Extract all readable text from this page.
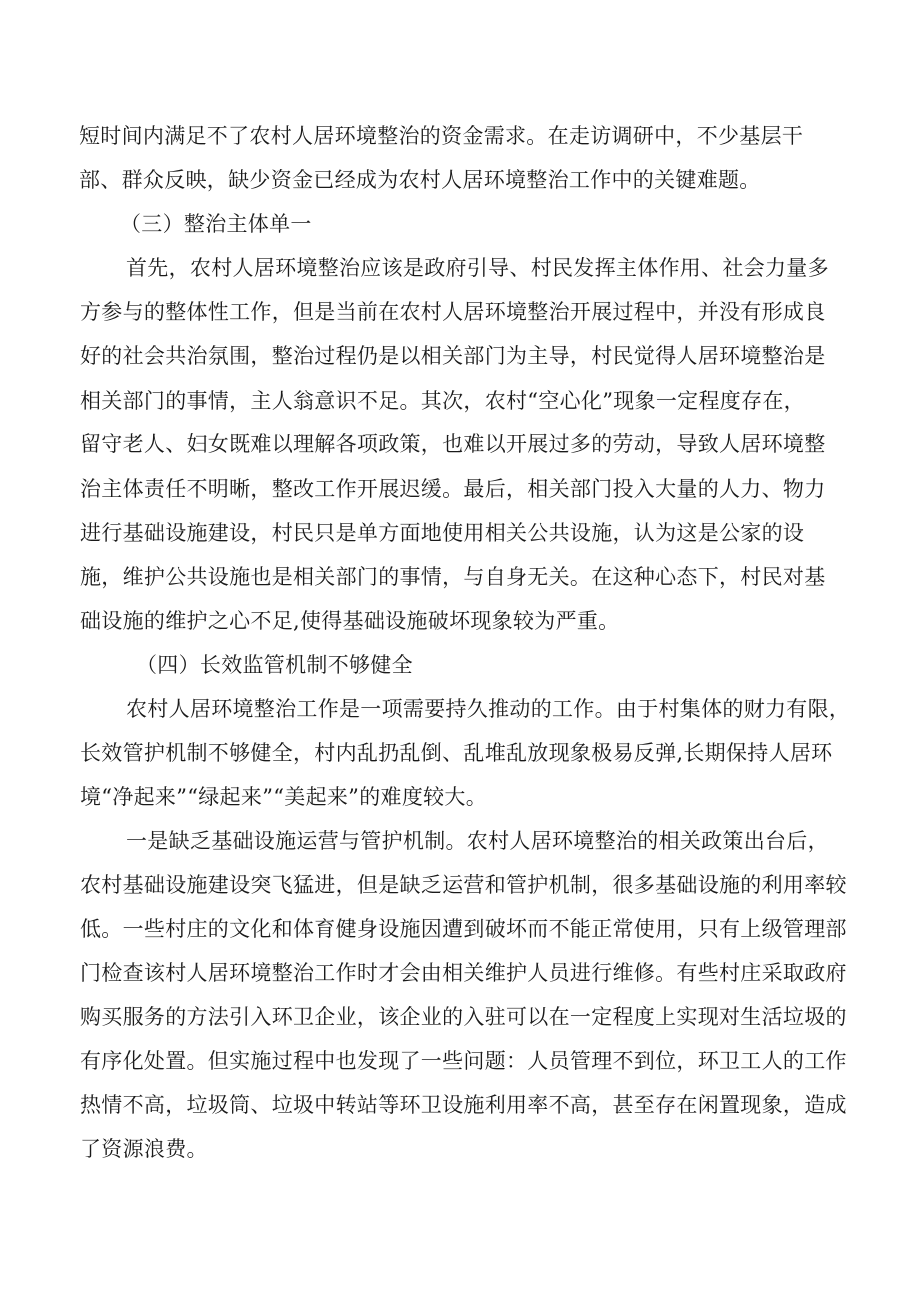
短时间内满足不了农村人居环境整治的资金需求。在走访调研中，不少基层干
部、群众反映，缺少资金已经成为农村人居环境整治工作中的关键难题。
（三）整治主体单一
首先，农村人居环境整治应该是政府引导、村民发挥主体作用、社会力量多
方参与的整体性工作，但是当前在农村人居环境整治开展过程中，并没有形成良
好的社会共治氛围，整治过程仍是以相关部门为主导，村民觉得人居环境整治是
相关部门的事情，主人翁意识不足。其次，农村“空心化”现象一定程度存在，
留守老人、妇女既难以理解各项政策，也难以开展过多的劳动，导致人居环境整
治主体责任不明晰，整改工作开展迟缓。最后，相关部门投入大量的人力、物力
进行基础设施建设，村民只是单方面地使用相关公共设施，认为这是公家的设
施，维护公共设施也是相关部门的事情，与自身无关。在这种心态下，村民对基
础设施的维护之心不足,使得基础设施破坏现象较为严重。
（四）长效监管机制不够健全
农村人居环境整治工作是一项需要持久推动的工作。由于村集体的财力有限，
长效管护机制不够健全，村内乱扔乱倒、乱堆乱放现象极易反弹,长期保持人居环
境“净起来”“绿起来”“美起来”的难度较大。
一是缺乏基础设施运营与管护机制。农村人居环境整治的相关政策出台后，
农村基础设施建设突飞猛进，但是缺乏运营和管护机制，很多基础设施的利用率较
低。一些村庄的文化和体育健身设施因遭到破坏而不能正常使用，只有上级管理部
门检查该村人居环境整治工作时才会由相关维护人员进行维修。有些村庄采取政府
购买服务的方法引入环卫企业，该企业的入驻可以在一定程度上实现对生活垃圾的
有序化处置。但实施过程中也发现了一些问题：人员管理不到位，环卫工人的工作
热情不高，垃圾筒、垃圾中转站等环卫设施利用率不高，甚至存在闲置现象，造成
了资源浪费。
